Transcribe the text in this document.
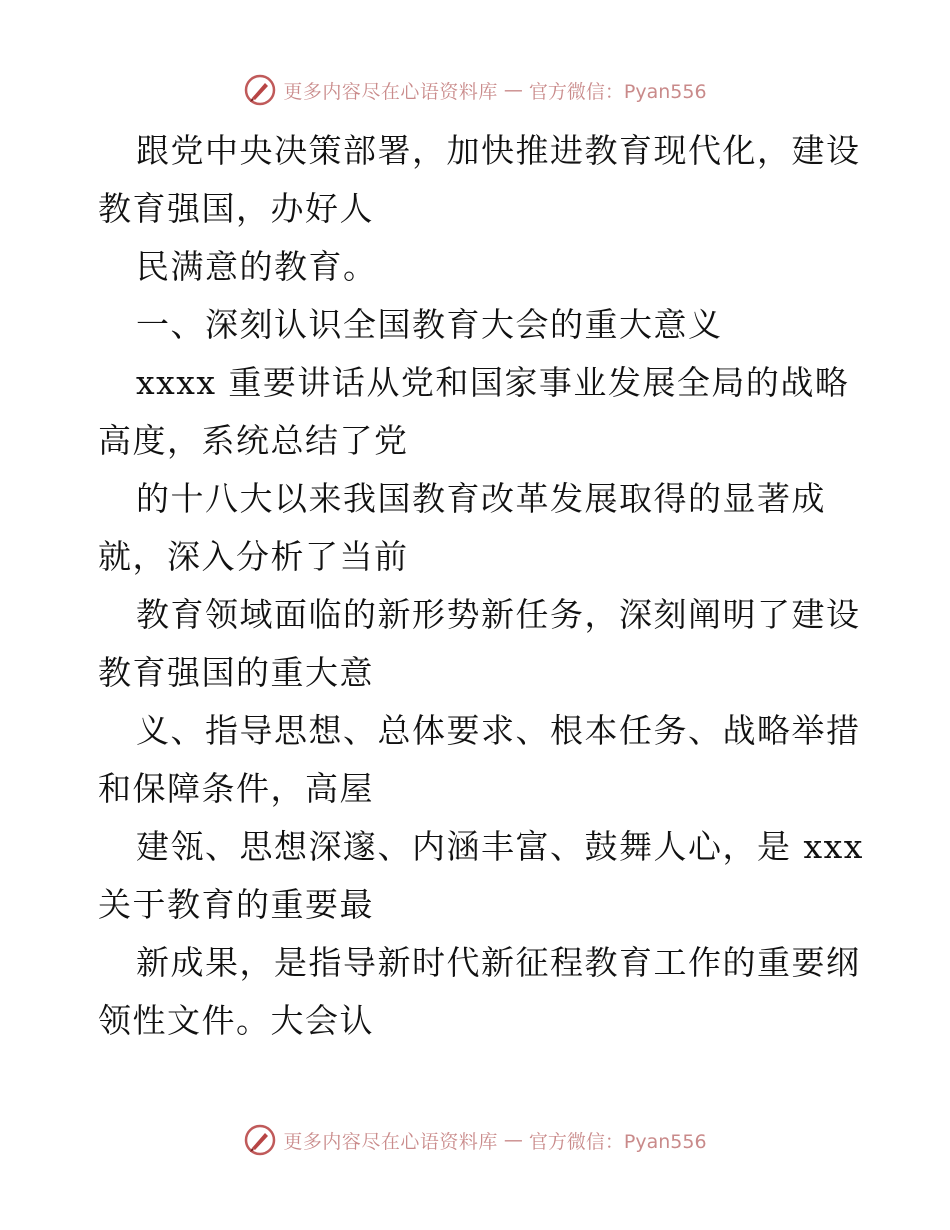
更多内容尽在心语资料库 — 官方微信：Pyan556
跟党中央决策部署，加快推进教育现代化，建设
教育强国，办好人
民满意的教育。
一、深刻认识全国教育大会的重大意义
xxxx 重要讲话从党和国家事业发展全局的战略
高度，系统总结了党
的十八大以来我国教育改革发展取得的显著成
就，深入分析了当前
教育领域面临的新形势新任务，深刻阐明了建设
教育强国的重大意
义、指导思想、总体要求、根本任务、战略举措
和保障条件，高屋
建瓴、思想深邃、内涵丰富、鼓舞人心，是 xxx
关于教育的重要最
新成果，是指导新时代新征程教育工作的重要纲
领性文件。大会认
更多内容尽在心语资料库 — 官方微信：Pyan556
